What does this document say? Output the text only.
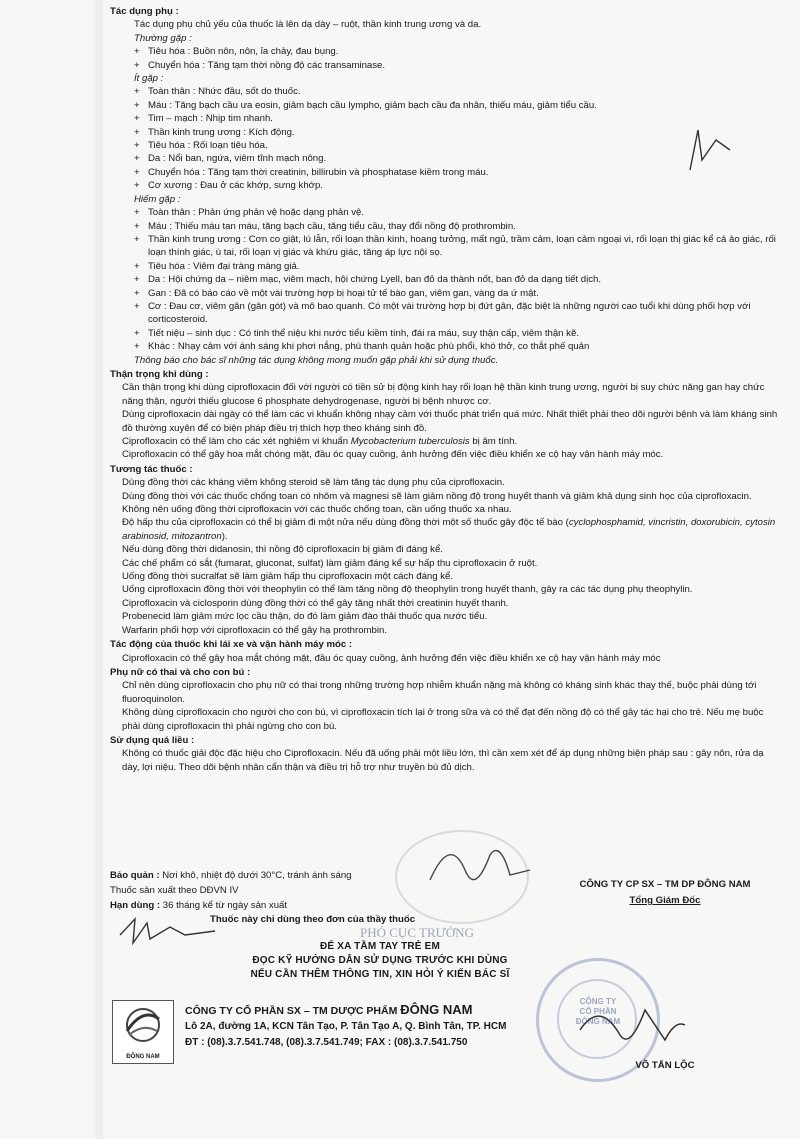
Tác dụng phụ :
Tác dụng phụ chủ yếu của thuốc là lên dạ dày – ruột, thần kinh trung ương và da.
Thường gặp :
+ Tiêu hóa : Buồn nôn, nôn, ỉa chảy, đau bụng.
+ Chuyển hóa : Tăng tạm thời nồng độ các transaminase.
Ít gặp :
+ Toàn thân : Nhức đầu, sốt do thuốc.
+ Máu : Tăng bạch cầu ưa eosin, giảm bạch cầu lympho, giảm bạch cầu đa nhân, thiếu máu, giảm tiểu cầu.
+ Tim – mạch : Nhịp tim nhanh.
+ Thần kinh trung ương : Kích động.
+ Tiêu hóa : Rối loạn tiêu hóa.
+ Da : Nổi ban, ngứa, viêm tĩnh mạch nông.
+ Chuyển hóa : Tăng tạm thời creatinin, billirubin và phosphatase kiềm trong máu.
+ Cơ xương : Đau ở các khớp, sưng khớp.
Hiếm gặp :
+ Toàn thân : Phản ứng phản vệ hoặc dạng phản vệ.
+ Máu : Thiếu máu tan máu, tăng bạch cầu, tăng tiểu cầu, thay đổi nồng độ prothrombin.
+ Thần kinh trung ương : Cơn co giật, lú lẫn, rối loạn thần kinh, hoang tưởng, mất ngủ, trầm cảm, loạn cảm ngoại vi, rối loạn thị giác kể cả ảo giác, rối loạn thính giác, ù tai, rối loạn vị giác và khứu giác, tăng áp lực nội sọ.
+ Tiêu hóa : Viêm đại tràng màng giả.
+ Da : Hội chứng da – niêm mạc, viêm mạch, hội chứng Lyell, ban đỏ da thành nốt, ban đỏ da dạng tiết dịch.
+ Gan : Đã có báo cáo về một vài trường hợp bị hoại tử tế bào gan, viêm gan, vàng da ứ mật.
+ Cơ : Đau cơ, viêm gân (gân gót) và mô bao quanh. Có một vài trường hợp bị đứt gân, đặc biệt là những người cao tuổi khi dùng phối hợp với corticosteroid.
+ Tiết niệu – sinh dục : Có tinh thể niệu khi nước tiểu kiềm tính, đái ra máu, suy thận cấp, viêm thận kẽ.
+ Khác : Nhạy cảm với ánh sáng khi phơi nắng, phù thanh quản hoặc phù phổi, khó thở, co thắt phế quản
Thông báo cho bác sĩ những tác dụng không mong muốn gặp phải khi sử dụng thuốc.
Thận trọng khi dùng :
Cần thận trọng khi dùng ciprofloxacin đối với người có tiền sử bị động kinh hay rối loạn hệ thần kinh trung ương, người bị suy chức năng gan hay chức năng thận, người thiếu glucose 6 phosphate dehydrogenase, người bị bệnh nhược cơ.
Dùng ciprofloxacin dài ngày có thể làm các vi khuẩn không nhạy cảm với thuốc phát triển quá mức. Nhất thiết phải theo dõi người bệnh và làm kháng sinh đồ thường xuyên để có biện pháp điều trị thích hợp theo kháng sinh đồ.
Ciprofloxacin có thể làm cho các xét nghiệm vi khuẩn Mycobacterium tuberculosis bị âm tính.
Ciprofloxacin có thể gây hoa mắt chóng mặt, đầu óc quay cuồng, ảnh hưởng đến việc điều khiển xe cộ hay vận hành máy móc.
Tương tác thuốc :
Dùng đồng thời các kháng viêm không steroid sẽ làm tăng tác dụng phụ của ciprofloxacin.
Dùng đồng thời với các thuốc chống toan có nhôm và magnesi sẽ làm giảm nồng độ trong huyết thanh và giảm khả dụng sinh học của ciprofloxacin. Không nên uống đồng thời ciprofloxacin với các thuốc chống toan, cần uống thuốc xa nhau.
Độ hấp thu của ciprofloxacin có thể bị giảm đi một nửa nếu dùng đồng thời một số thuốc gây độc tế bào (cyclophosphamid, vincristin, doxorubicin, cytosin arabinosid, mitozantron).
Nếu dùng đồng thời didanosin, thì nồng độ ciprofloxacin bị giảm đi đáng kể.
Các chế phẩm có sắt (fumarat, gluconat, sulfat) làm giảm đáng kể sự hấp thu ciprofloxacin ở ruột.
Uống đồng thời sucralfat sẽ làm giảm hấp thu ciprofloxacin một cách đáng kể.
Uống ciprofloxacin đồng thời với theophylin có thể làm tăng nồng độ theophylin trong huyết thanh, gây ra các tác dụng phụ theophylin.
Ciprofloxacin và ciclosporin dùng đồng thời có thể gây tăng nhất thời creatinin huyết thanh.
Probenecid làm giảm mức lọc cầu thận, do đó làm giảm đào thải thuốc qua nước tiểu.
Warfarin phối hợp với ciprofloxacin có thể gây hạ prothrombin.
Tác động của thuốc khi lái xe và vận hành máy móc :
Ciprofloxacin có thể gây hoa mắt chóng mặt, đầu óc quay cuồng, ảnh hưởng đến việc điều khiển xe cộ hay vận hành máy móc
Phụ nữ có thai và cho con bú :
Chỉ nên dùng ciprofloxacin cho phụ nữ có thai trong những trường hợp nhiễm khuẩn nặng mà không có kháng sinh khác thay thế, buộc phải dùng tới fluoroquinolon.
Không dùng ciprofloxacin cho người cho con bú, vì ciprofloxacin tích lại ở trong sữa và có thể đạt đến nồng độ có thể gây tác hại cho trẻ. Nếu mẹ buộc phải dùng ciprofloxacin thì phải ngừng cho con bú.
Sử dụng quá liều :
Không có thuốc giải độc đặc hiệu cho Ciprofloxacin. Nếu đã uống phải một liều lớn, thì cần xem xét để áp dụng những biện pháp sau : gây nôn, rửa dạ dày, lợi niệu. Theo dõi bệnh nhân cẩn thận và điều trị hỗ trợ như truyền bù đủ dịch.
PHÓ CỤC TRƯỞNG
Bảo quản : Nơi khô, nhiệt độ dưới 30°C, tránh ánh sáng
Thuốc sản xuất theo DĐVN IV
Hạn dùng : 36 tháng kể từ ngày sản xuất
Thuốc này chỉ dùng theo đơn của thầy thuốc
ĐỂ XA TẦM TAY TRẺ EM
ĐỌC KỸ HƯỚNG DẪN SỬ DỤNG TRƯỚC KHI DÙNG
NẾU CẦN THÊM THÔNG TIN, XIN HỎI Ý KIẾN BÁC SĨ
CÔNG TY CP SX – TM DP ĐÔNG NAM
Tổng Giám Đốc
CÔNG TY
CỔ PHẦN
ĐÔNG NAM
ĐÔNG NAM
CÔNG TY CỔ PHẦN SX – TM DƯỢC PHẨM ĐÔNG NAM
Lô 2A, đường 1A, KCN Tân Tạo, P. Tân Tạo A, Q. Bình Tân, TP. HCM
ĐT : (08).3.7.541.748, (08).3.7.541.749; FAX : (08).3.7.541.750
VÕ TẤN LỘC
